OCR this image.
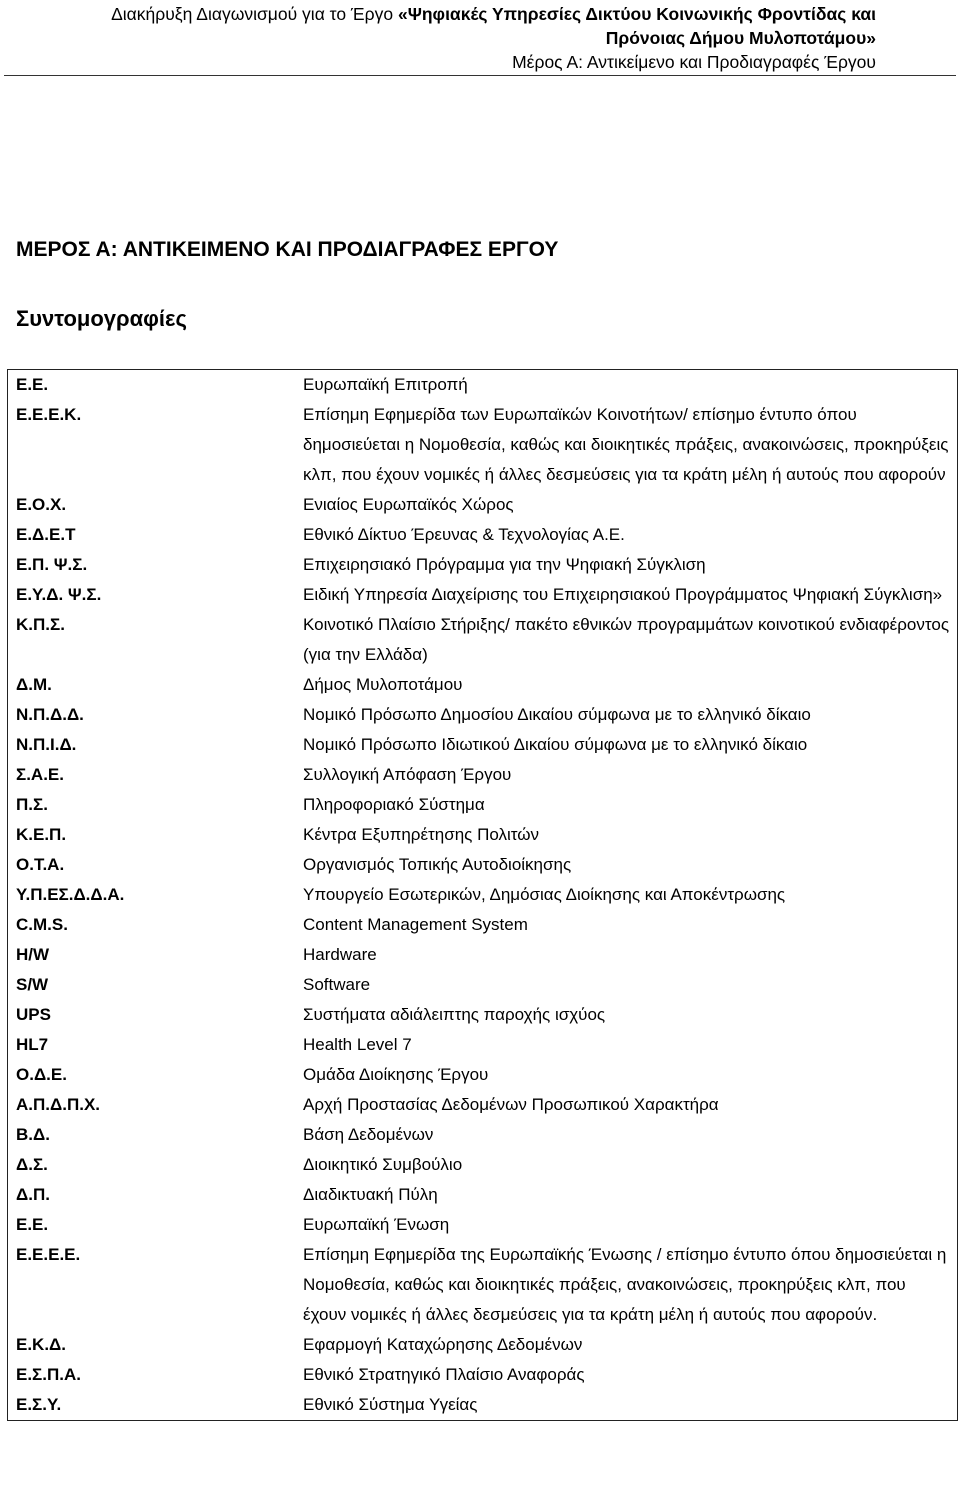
Διακήρυξη Διαγωνισμού για το Έργο «Ψηφιακές Υπηρεσίες Δικτύου Κοινωνικής Φροντίδας και
Πρόνοιας Δήμου Μυλοποτάμου»
Μέρος Α: Αντικείμενο και Προδιαγραφές Έργου
ΜΕΡΟΣ Α: ΑΝΤΙΚΕΙΜΕΝΟ ΚΑΙ ΠΡΟΔΙΑΓΡΑΦΕΣ ΕΡΓΟΥ
Συντομογραφίες
Ε.Ε.	Ευρωπαϊκή Επιτροπή
Ε.Ε.Ε.Κ.	Επίσημη Εφημερίδα των Ευρωπαϊκών Κοινοτήτων/ επίσημο έντυπο όπου δημοσιεύεται η Νομοθεσία, καθώς και διοικητικές πράξεις, ανακοινώσεις, προκηρύξεις κλπ, που έχουν νομικές ή άλλες δεσμεύσεις για τα κράτη μέλη ή αυτούς που αφορούν
Ε.Ο.Χ.	Ενιαίος Ευρωπαϊκός Χώρος
Ε.Δ.Ε.Τ	Εθνικό Δίκτυο Έρευνας & Τεχνολογίας Α.Ε.
Ε.Π. Ψ.Σ.	Επιχειρησιακό Πρόγραμμα για την Ψηφιακή Σύγκλιση
Ε.Υ.Δ. Ψ.Σ.	Ειδική Υπηρεσία Διαχείρισης του Επιχειρησιακού Προγράμματος Ψηφιακή Σύγκλιση»
Κ.Π.Σ.	Κοινοτικό Πλαίσιο Στήριξης/ πακέτο εθνικών προγραμμάτων κοινοτικού ενδιαφέροντος (για την Ελλάδα)
Δ.Μ.	Δήμος Μυλοποτάμου
Ν.Π.Δ.Δ.	Νομικό Πρόσωπο Δημοσίου Δικαίου σύμφωνα με το ελληνικό δίκαιο
Ν.Π.Ι.Δ.	Νομικό Πρόσωπο Ιδιωτικού Δικαίου σύμφωνα με το ελληνικό δίκαιο
Σ.Α.Ε.	Συλλογική Απόφαση Έργου
Π.Σ.	Πληροφοριακό Σύστημα
Κ.Ε.Π.	Κέντρα Εξυπηρέτησης Πολιτών
Ο.Τ.Α.	Οργανισμός Τοπικής Αυτοδιοίκησης
Υ.Π.ΕΣ.Δ.Δ.Α.	Υπουργείο Εσωτερικών, Δημόσιας Διοίκησης και Αποκέντρωσης
C.M.S.	Content Management System
H/W	Hardware
S/W	Software
UPS	Συστήματα αδιάλειπτης παροχής ισχύος
HL7	Health Level 7
Ο.Δ.Ε.	Ομάδα Διοίκησης Έργου
Α.Π.Δ.Π.Χ.	Αρχή Προστασίας Δεδομένων Προσωπικού Χαρακτήρα
Β.Δ.	Βάση Δεδομένων
Δ.Σ.	Διοικητικό Συμβούλιο
Δ.Π.	Διαδικτυακή Πύλη
Ε.Ε.	Ευρωπαϊκή Ένωση
Ε.Ε.Ε.Ε.	Επίσημη Εφημερίδα της Ευρωπαϊκής Ένωσης / επίσημο έντυπο όπου δημοσιεύεται η Νομοθεσία, καθώς και διοικητικές πράξεις, ανακοινώσεις, προκηρύξεις κλπ, που έχουν νομικές ή άλλες δεσμεύσεις για τα κράτη μέλη ή αυτούς που αφορούν.
Ε.Κ.Δ.	Εφαρμογή Καταχώρησης Δεδομένων
Ε.Σ.Π.Α.	Εθνικό Στρατηγικό Πλαίσιο Αναφοράς
Ε.Σ.Υ.	Εθνικό Σύστημα Υγείας
